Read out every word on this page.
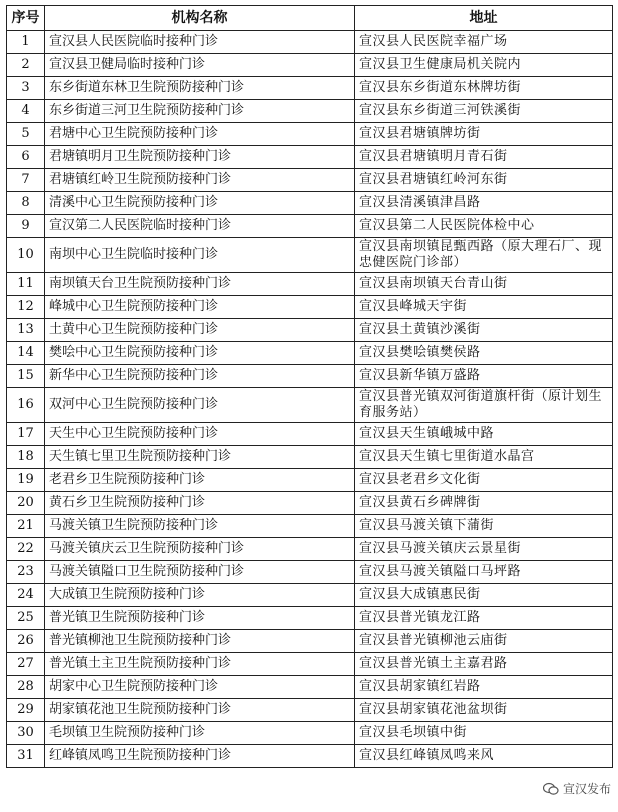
序号	机构名称	地址
1	宣汉县人民医院临时接种门诊	宣汉县人民医院幸福广场
2	宣汉县卫健局临时接种门诊	宣汉县卫生健康局机关院内
3	东乡街道东林卫生院预防接种门诊	宣汉县东乡街道东林牌坊街
4	东乡街道三河卫生院预防接种门诊	宣汉县东乡街道三河铁溪街
5	君塘中心卫生院预防接种门诊	宣汉县君塘镇牌坊街
6	君塘镇明月卫生院预防接种门诊	宣汉县君塘镇明月青石街
7	君塘镇红岭卫生院预防接种门诊	宣汉县君塘镇红岭河东街
8	清溪中心卫生院预防接种门诊	宣汉县清溪镇津昌路
9	宣汉第二人民医院临时接种门诊	宣汉县第二人民医院体检中心
10	南坝中心卫生院临时接种门诊	宣汉县南坝镇昆甄西路（原大理石厂、现忠健医院门诊部）
11	南坝镇天台卫生院预防接种门诊	宣汉县南坝镇天台青山街
12	峰城中心卫生院预防接种门诊	宣汉县峰城天宇街
13	土黄中心卫生院预防接种门诊	宣汉县土黄镇沙溪街
14	樊哙中心卫生院预防接种门诊	宣汉县樊哙镇樊侯路
15	新华中心卫生院预防接种门诊	宣汉县新华镇万盛路
16	双河中心卫生院预防接种门诊	宣汉县普光镇双河街道旗杆街（原计划生育服务站）
17	天生中心卫生院预防接种门诊	宣汉县天生镇峨城中路
18	天生镇七里卫生院预防接种门诊	宣汉县天生镇七里街道水晶宫
19	老君乡卫生院预防接种门诊	宣汉县老君乡文化街
20	黄石乡卫生院预防接种门诊	宣汉县黄石乡碑牌街
21	马渡关镇卫生院预防接种门诊	宣汉县马渡关镇下蒲街
22	马渡关镇庆云卫生院预防接种门诊	宣汉县马渡关镇庆云景星街
23	马渡关镇隘口卫生院预防接种门诊	宣汉县马渡关镇隘口马坪路
24	大成镇卫生院预防接种门诊	宣汉县大成镇惠民街
25	普光镇卫生院预防接种门诊	宣汉县普光镇龙江路
26	普光镇柳池卫生院预防接种门诊	宣汉县普光镇柳池云庙街
27	普光镇土主卫生院预防接种门诊	宣汉县普光镇土主嘉君路
28	胡家中心卫生院预防接种门诊	宣汉县胡家镇红岩路
29	胡家镇花池卫生院预防接种门诊	宣汉县胡家镇花池盆坝街
30	毛坝镇卫生院预防接种门诊	宣汉县毛坝镇中街
31	红峰镇凤鸣卫生院预防接种门诊	宣汉县红峰镇凤鸣来风
宣汉发布
